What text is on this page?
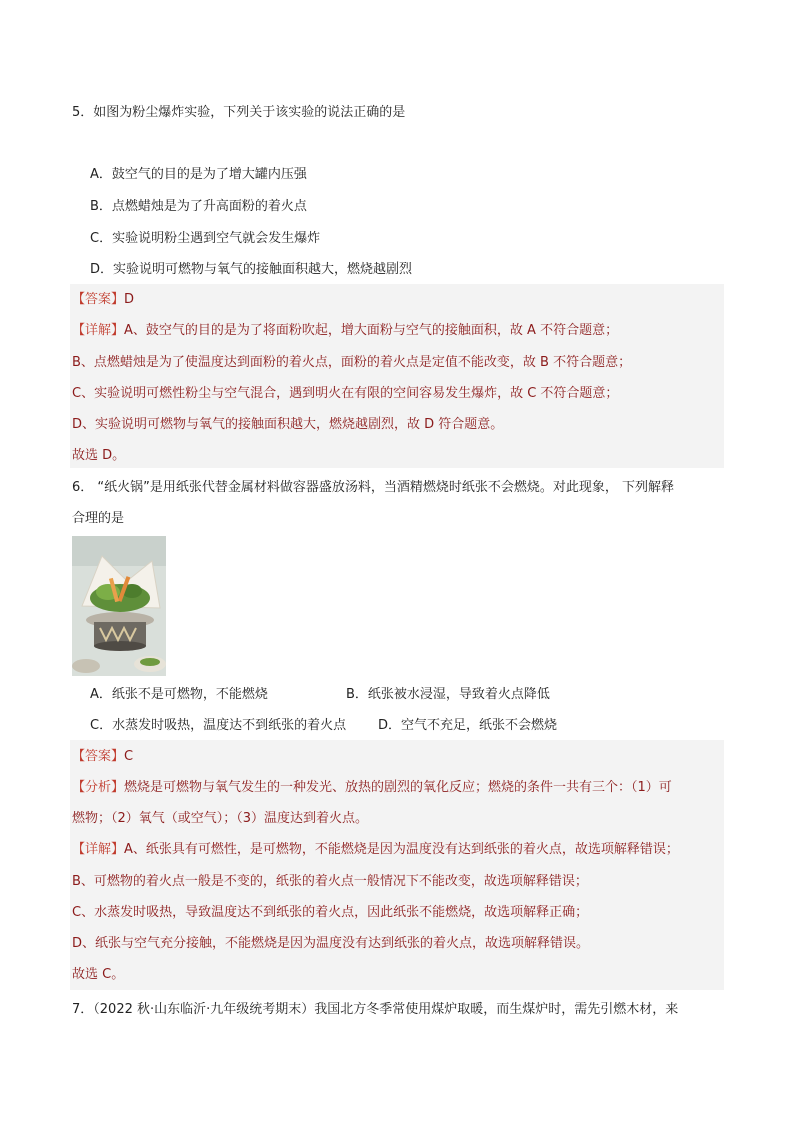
5．如图为粉尘爆炸实验，下列关于该实验的说法正确的是
A．鼓空气的目的是为了增大罐内压强
B．点燃蜡烛是为了升高面粉的着火点
C．实验说明粉尘遇到空气就会发生爆炸
D．实验说明可燃物与氧气的接触面积越大，燃烧越剧烈
【答案】D
【详解】A、鼓空气的目的是为了将面粉吹起，增大面粉与空气的接触面积，故 A 不符合题意；
B、点燃蜡烛是为了使温度达到面粉的着火点，面粉的着火点是定值不能改变，故 B 不符合题意；
C、实验说明可燃性粉尘与空气混合，遇到明火在有限的空间容易发生爆炸，故 C 不符合题意；
D、实验说明可燃物与氧气的接触面积越大，燃烧越剧烈，故 D 符合题意。
故选 D。
6． “纸火锅”是用纸张代替金属材料做容器盛放汤料，当酒精燃烧时纸张不会燃烧。对此现象， 下列解释
合理的是
A．纸张不是可燃物，不能燃烧	B．纸张被水浸湿，导致着火点降低
C．水蒸发时吸热，温度达不到纸张的着火点 D．空气不充足，纸张不会燃烧
【答案】C
【分析】燃烧是可燃物与氧气发生的一种发光、放热的剧烈的氧化反应；燃烧的条件一共有三个：（1）可
燃物；（2）氧气（或空气）；（3）温度达到着火点。
【详解】A、纸张具有可燃性，是可燃物，不能燃烧是因为温度没有达到纸张的着火点，故选项解释错误；
B、可燃物的着火点一般是不变的，纸张的着火点一般情况下不能改变，故选项解释错误；
C、水蒸发时吸热，导致温度达不到纸张的着火点，因此纸张不能燃烧，故选项解释正确；
D、纸张与空气充分接触，不能燃烧是因为温度没有达到纸张的着火点，故选项解释错误。
故选 C。
7．（2022 秋·山东临沂·九年级统考期末）我国北方冬季常使用煤炉取暖，而生煤炉时，需先引燃木材，来
